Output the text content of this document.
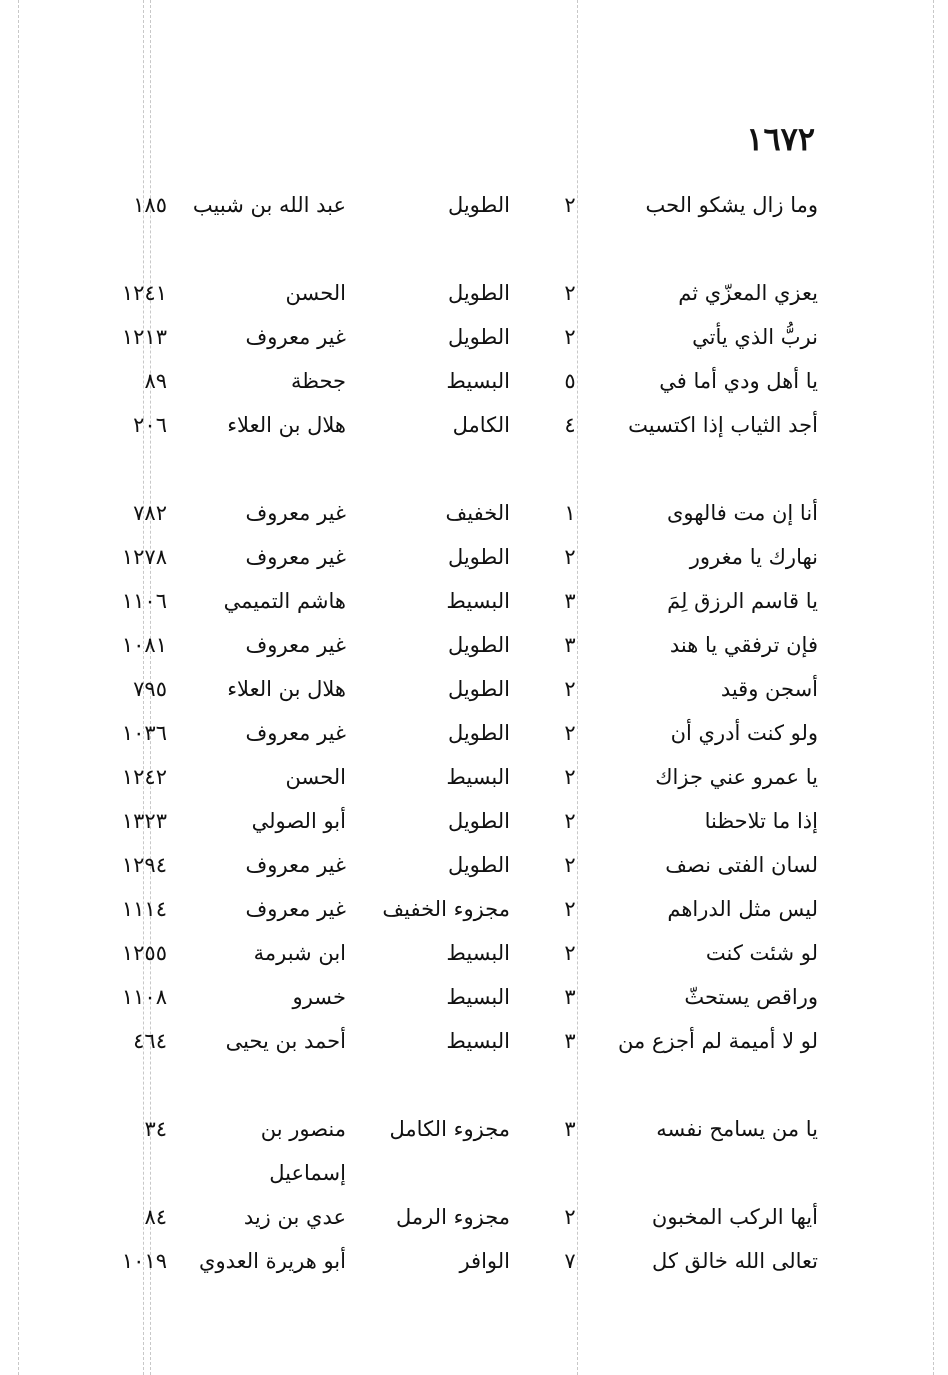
١٦٧٢
وما زال يشكو الحب
٢
الطويل
عبد الله بن شبيب
١٨٥
يعزي المعزّي ثم
٢
الطويل
الحسن
١٢٤١
نربُّ الذي يأتي
٢
الطويل
غير معروف
١٢١٣
يا أهل ودي أما في
٥
البسيط
جحظة
٨٩
أجد الثياب إذا اكتسيت
٤
الكامل
هلال بن العلاء
٢٠٦
أنا إن مت فالهوى
١
الخفيف
غير معروف
٧٨٢
نهارك يا مغرور
٢
الطويل
غير معروف
١٢٧٨
يا قاسم الرزق لِمَ
٣
البسيط
هاشم التميمي
١١٠٦
فإن ترفقي يا هند
٣
الطويل
غير معروف
١٠٨١
أسجن وقيد
٢
الطويل
هلال بن العلاء
٧٩٥
ولو كنت أدري أن
٢
الطويل
غير معروف
١٠٣٦
يا عمرو عني جزاك
٢
البسيط
الحسن
١٢٤٢
إذا ما تلاحظنا
٢
الطويل
أبو الصولي
١٣٢٣
لسان الفتى نصف
٢
الطويل
غير معروف
١٢٩٤
ليس مثل الدراهم
٢
مجزوء الخفيف
غير معروف
١١١٤
لو شئت كنت
٢
البسيط
ابن شبرمة
١٢٥٥
وراقص يستحثّ
٣
البسيط
خسرو
١١٠٨
لو لا أميمة لم أجزع من
٣
البسيط
أحمد بن يحيى
٤٦٤
يا من يسامح نفسه
٣
مجزوء الكامل
منصور بن إسماعيل
٣٤
أيها الركب المخبون
٢
مجزوء الرمل
عدي بن زيد
٨٤
تعالى الله خالق كل
٧
الوافر
أبو هريرة العدوي
١٠١٩
